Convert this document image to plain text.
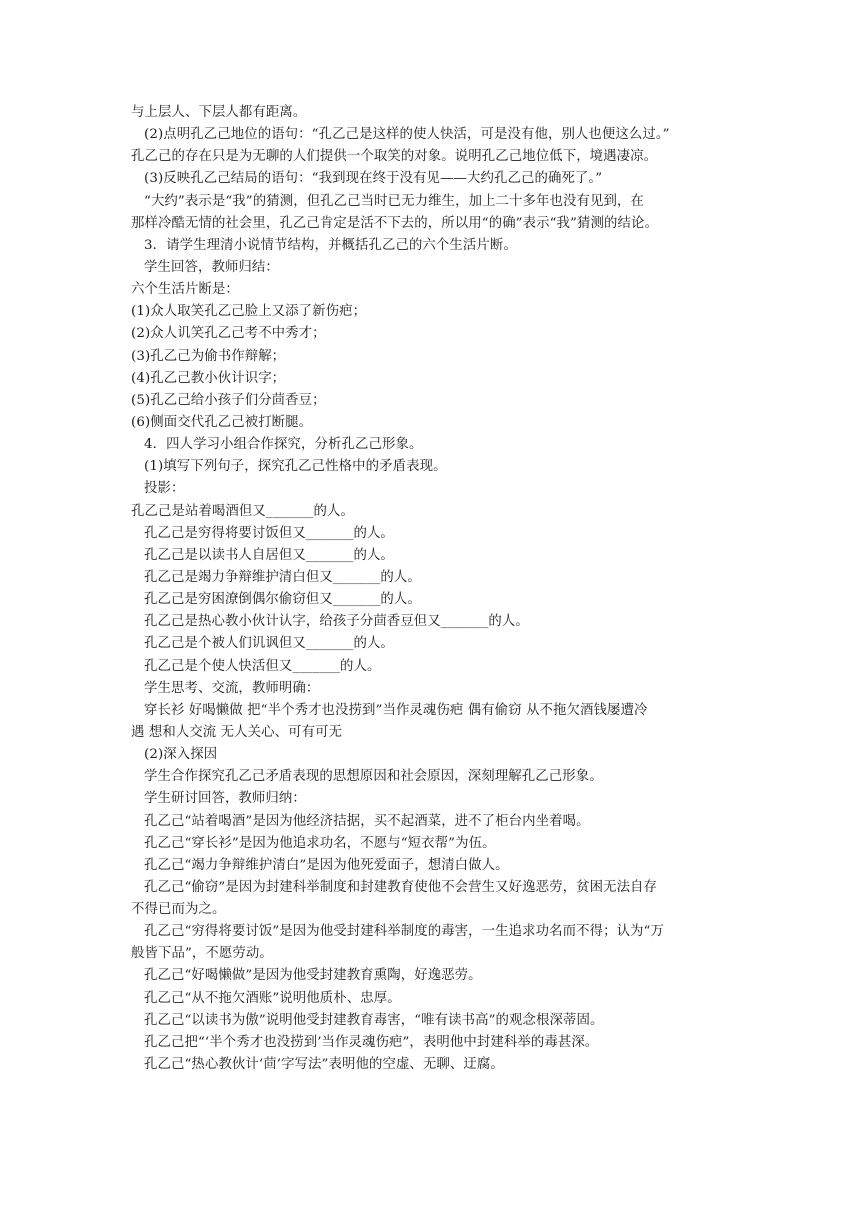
与上层人、下层人都有距离。
(2)点明孔乙己地位的语句：“孔乙己是这样的使人快活，可是没有他，别人也便这么过。”
孔乙己的存在只是为无聊的人们提供一个取笑的对象。说明孔乙己地位低下，境遇凄凉。
(3)反映孔乙己结局的语句：“我到现在终于没有见——大约孔乙己的确死了。”
“大约”表示是“我”的猜测，但孔乙己当时已无力维生，加上二十多年也没有见到，在
那样冷酷无情的社会里，孔乙己肯定是活不下去的，所以用“的确”表示“我”猜测的结论。
3．请学生理清小说情节结构，并概括孔乙己的六个生活片断。
学生回答，教师归结：
六个生活片断是：
(1)众人取笑孔乙己脸上又添了新伤疤；
(2)众人讥笑孔乙己考不中秀才；
(3)孔乙己为偷书作辩解；
(4)孔乙己教小伙计识字；
(5)孔乙己给小孩子们分茴香豆；
(6)侧面交代孔乙己被打断腿。
4．四人学习小组合作探究，分析孔乙己形象。
(1)填写下列句子，探究孔乙己性格中的矛盾表现。
投影：
孔乙己是站着喝酒但又_______的人。
孔乙己是穷得将要讨饭但又_______的人。
孔乙己是以读书人自居但又_______的人。
孔乙己是竭力争辩维护清白但又_______的人。
孔乙己是穷困潦倒偶尔偷窃但又_______的人。
孔乙己是热心教小伙计认字，给孩子分茴香豆但又_______的人。
孔乙己是个被人们讥讽但又_______的人。
孔乙己是个使人快活但又_______的人。
学生思考、交流，教师明确：
穿长衫 好喝懒做 把“半个秀才也没捞到”当作灵魂伤疤 偶有偷窃 从不拖欠酒钱屡遭冷
遇 想和人交流 无人关心、可有可无
(2)深入探因
学生合作探究孔乙己矛盾表现的思想原因和社会原因，深刻理解孔乙己形象。
学生研讨回答，教师归纳：
孔乙己“站着喝酒”是因为他经济拮据，买不起酒菜，进不了柜台内坐着喝。
孔乙己“穿长衫”是因为他追求功名，不愿与“短衣帮”为伍。
孔乙己“竭力争辩维护清白”是因为他死爱面子，想清白做人。
孔乙己“偷窃”是因为封建科举制度和封建教育使他不会营生又好逸恶劳，贫困无法自存
不得已而为之。
孔乙己“穷得将要讨饭”是因为他受封建科举制度的毒害，一生追求功名而不得；认为“万
般皆下品”，不愿劳动。
孔乙己“好喝懒做”是因为他受封建教育熏陶，好逸恶劳。
孔乙己“从不拖欠酒账”说明他质朴、忠厚。
孔乙己“以读书为傲”说明他受封建教育毒害，“唯有读书高”的观念根深蒂固。
孔乙己把“‘半个秀才也没捞到’当作灵魂伤疤”，表明他中封建科举的毒甚深。
孔乙己“热心教伙计‘茴’字写法”表明他的空虚、无聊、迂腐。
